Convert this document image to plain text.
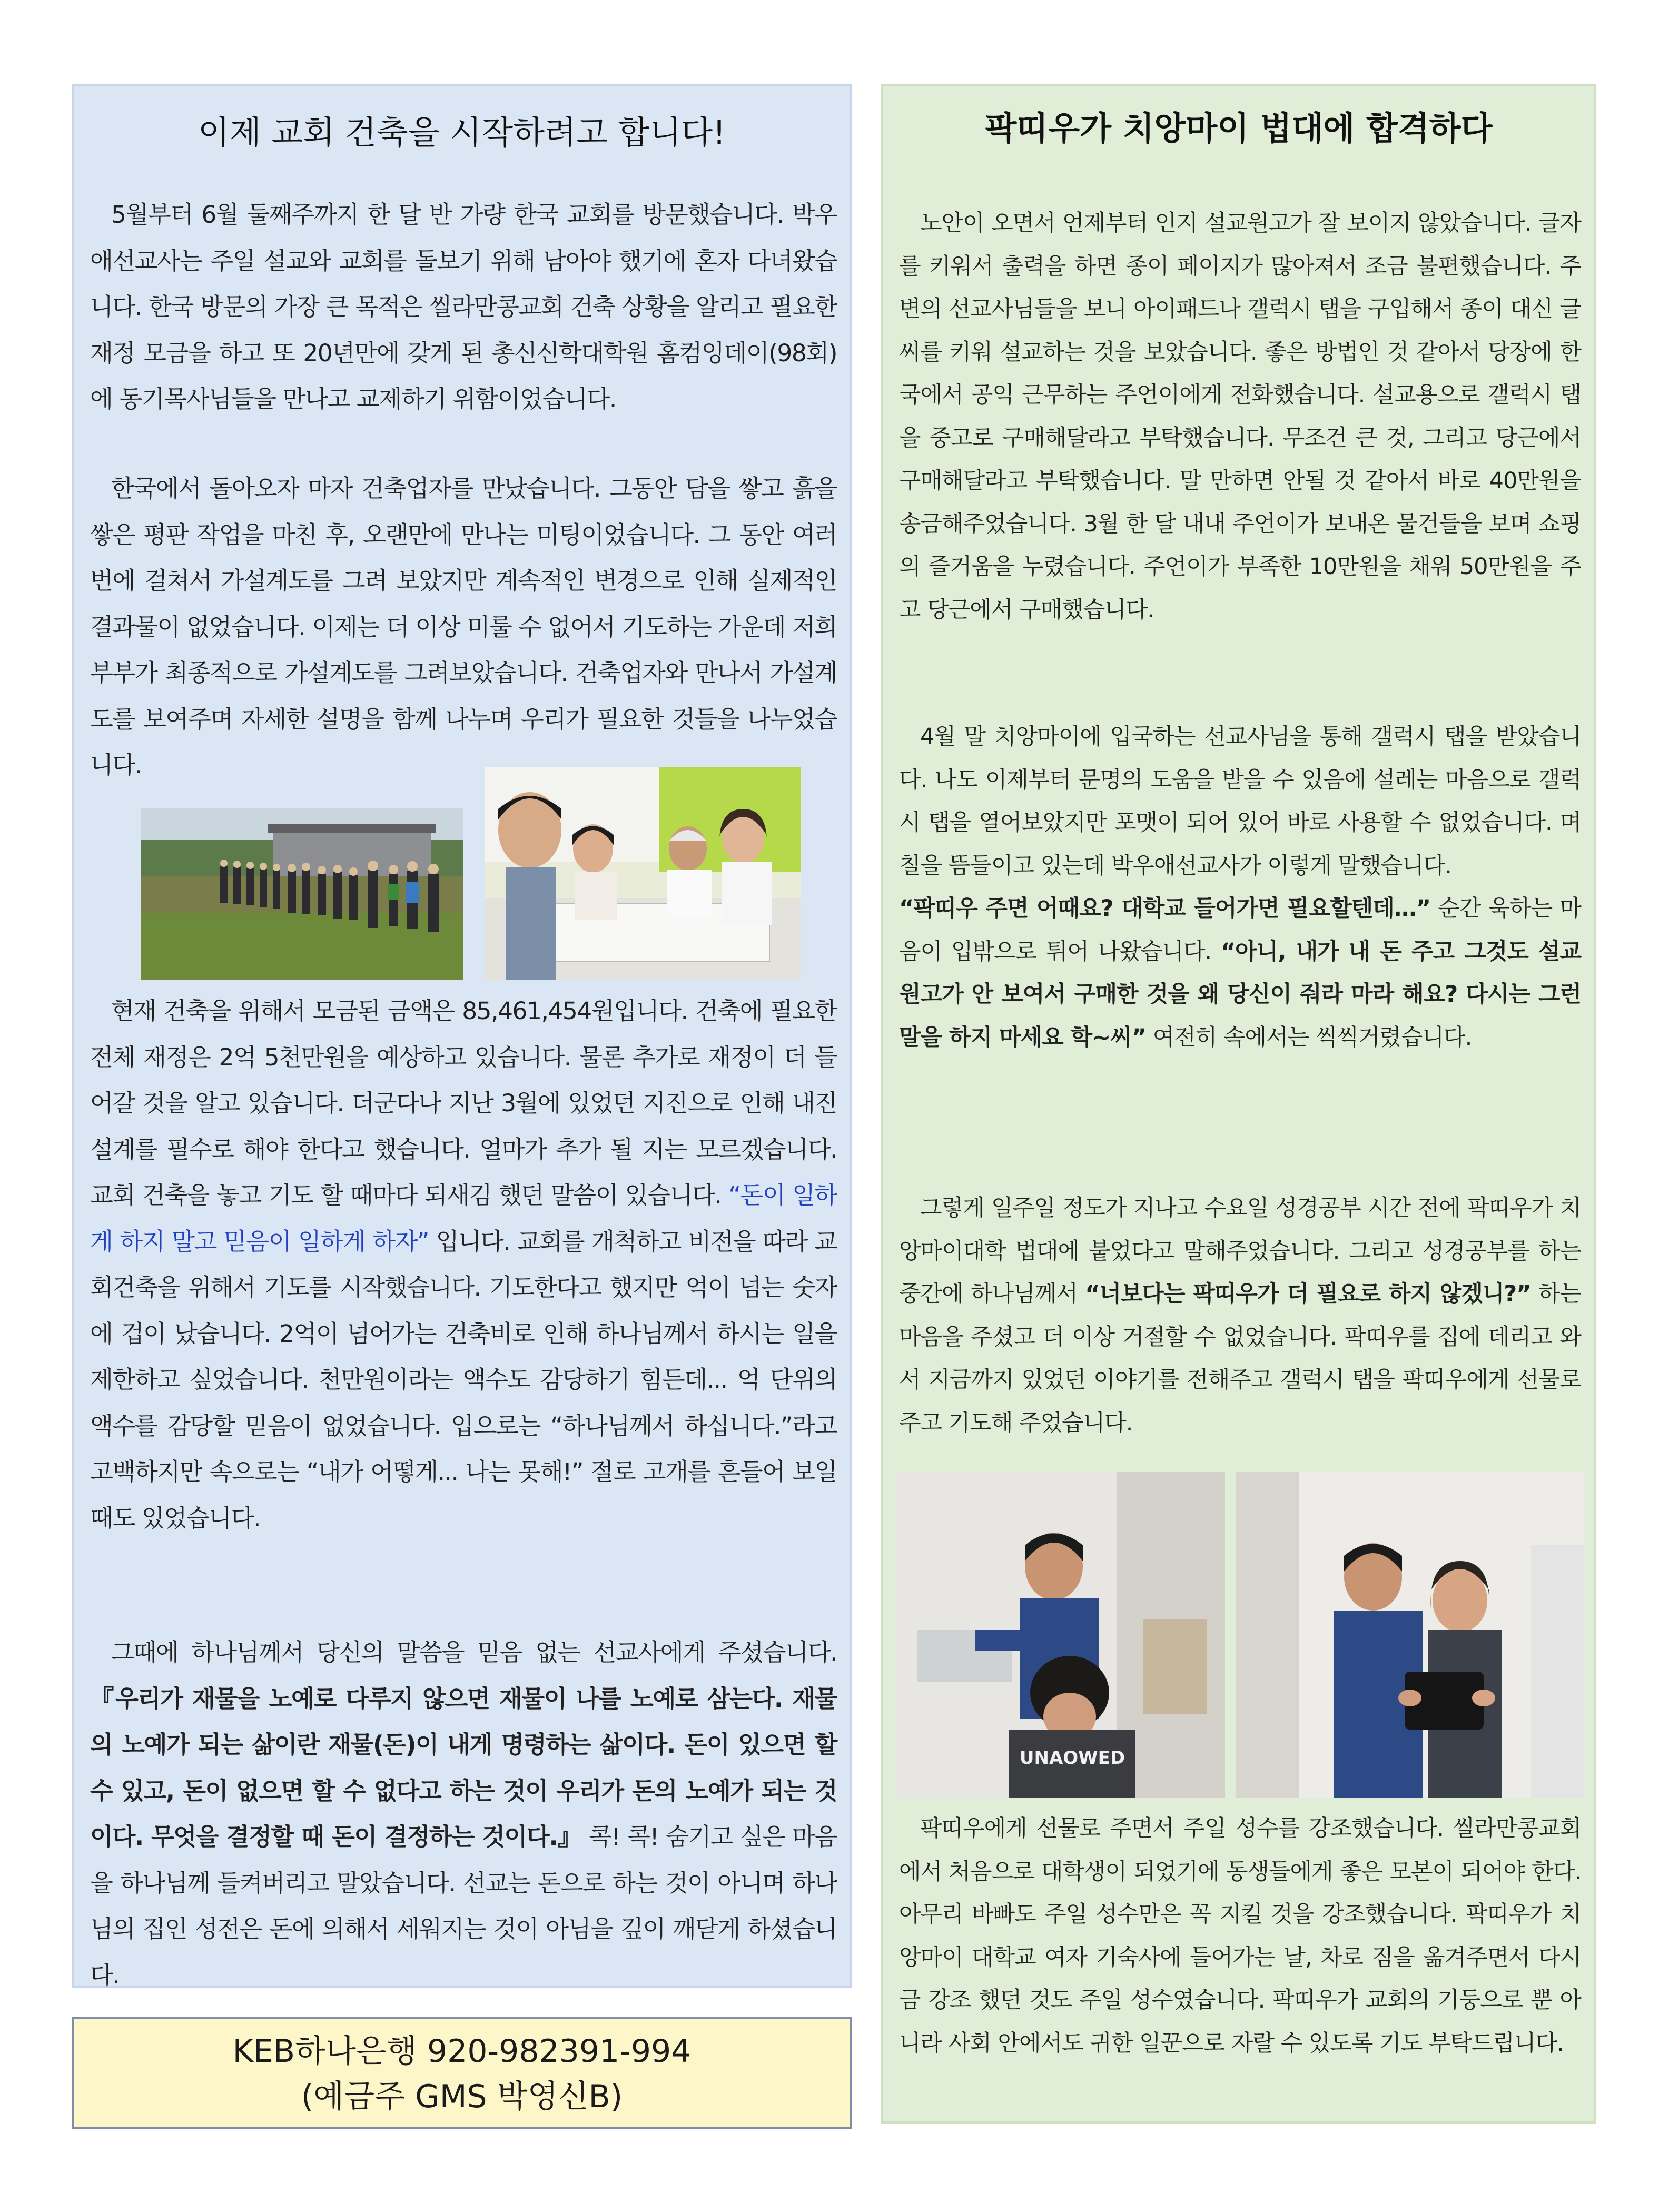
이제 교회 건축을 시작하려고 합니다!

5월부터 6월 둘째주까지 한 달 반 가량 한국 교회를 방문했습니다. 박우애선교사는 주일 설교와 교회를 돌보기 위해 남아야 했기에 혼자 다녀왔습니다. 한국 방문의 가장 큰 목적은 씰라만콩교회 건축 상황을 알리고 필요한 재정 모금을 하고 또 20년만에 갖게 된 총신신학대학원 홈컴잉데이(98회)에 동기목사님들을 만나고 교제하기 위함이었습니다.

한국에서 돌아오자 마자 건축업자를 만났습니다. 그동안 담을 쌓고 흙을 쌓은 평판 작업을 마친 후, 오랜만에 만나는 미팅이었습니다. 그 동안 여러 번에 걸쳐서 가설계도를 그려 보았지만 계속적인 변경으로 인해 실제적인 결과물이 없었습니다. 이제는 더 이상 미룰 수 없어서 기도하는 가운데 저희 부부가 최종적으로 가설계도를 그려보았습니다. 건축업자와 만나서 가설계도를 보여주며 자세한 설명을 함께 나누며 우리가 필요한 것들을 나누었습니다.

현재 건축을 위해서 모금된 금액은 85,461,454원입니다. 건축에 필요한 전체 재정은 2억 5천만원을 예상하고 있습니다. 물론 추가로 재정이 더 들어갈 것을 알고 있습니다. 더군다나 지난 3월에 있었던 지진으로 인해 내진설계를 필수로 해야 한다고 했습니다. 얼마가 추가 될 지는 모르겠습니다. 교회 건축을 놓고 기도 할 때마다 되새김 했던 말씀이 있습니다. “돈이 일하게 하지 말고 믿음이 일하게 하자” 입니다. 교회를 개척하고 비전을 따라 교회건축을 위해서 기도를 시작했습니다. 기도한다고 했지만 억이 넘는 숫자에 겁이 났습니다. 2억이 넘어가는 건축비로 인해 하나님께서 하시는 일을 제한하고 싶었습니다. 천만원이라는 액수도 감당하기 힘든데... 억 단위의 액수를 감당할 믿음이 없었습니다. 입으로는 “하나님께서 하십니다.”라고 고백하지만 속으로는 “내가 어떻게... 나는 못해!” 절로 고개를 흔들어 보일 때도 있었습니다.

그때에 하나님께서 당신의 말씀을 믿음 없는 선교사에게 주셨습니다. 『우리가 재물을 노예로 다루지 않으면 재물이 나를 노예로 삼는다. 재물의 노예가 되는 삶이란 재물(돈)이 내게 명령하는 삶이다. 돈이 있으면 할 수 있고, 돈이 없으면 할 수 없다고 하는 것이 우리가 돈의 노예가 되는 것이다. 무엇을 결정할 때 돈이 결정하는 것이다.』 콕! 콕! 숨기고 싶은 마음을 하나님께 들켜버리고 말았습니다. 선교는 돈으로 하는 것이 아니며 하나님의 집인 성전은 돈에 의해서 세워지는 것이 아님을 깊이 깨닫게 하셨습니다.

KEB하나은행 920-982391-994
(예금주 GMS 박영신B)
팍띠우가 치앙마이 법대에 합격하다

노안이 오면서 언제부터 인지 설교원고가 잘 보이지 않았습니다. 글자를 키워서 출력을 하면 종이 페이지가 많아져서 조금 불편했습니다. 주변의 선교사님들을 보니 아이패드나 갤럭시 탭을 구입해서 종이 대신 글씨를 키워 설교하는 것을 보았습니다. 좋은 방법인 것 같아서 당장에 한국에서 공익 근무하는 주언이에게 전화했습니다. 설교용으로 갤럭시 탭을 중고로 구매해달라고 부탁했습니다. 무조건 큰 것, 그리고 당근에서 구매해달라고 부탁했습니다. 말 만하면 안될 것 같아서 바로 40만원을 송금해주었습니다. 3월 한 달 내내 주언이가 보내온 물건들을 보며 쇼핑의 즐거움을 누렸습니다. 주언이가 부족한 10만원을 채워 50만원을 주고 당근에서 구매했습니다.

4월 말 치앙마이에 입국하는 선교사님을 통해 갤럭시 탭을 받았습니다. 나도 이제부터 문명의 도움을 받을 수 있음에 설레는 마음으로 갤럭시 탭을 열어보았지만 포맷이 되어 있어 바로 사용할 수 없었습니다. 며칠을 뜸들이고 있는데 박우애선교사가 이렇게 말했습니다.
“팍띠우 주면 어때요? 대학교 들어가면 필요할텐데…” 순간 욱하는 마음이 입밖으로 튀어 나왔습니다. “아니, 내가 내 돈 주고 그것도 설교 원고가 안 보여서 구매한 것을 왜 당신이 줘라 마라 해요? 다시는 그런 말을 하지 마세요 학~씨” 여전히 속에서는 씩씩거렸습니다.

그렇게 일주일 정도가 지나고 수요일 성경공부 시간 전에 팍띠우가 치앙마이대학 법대에 붙었다고 말해주었습니다. 그리고 성경공부를 하는 중간에 하나님께서 “너보다는 팍띠우가 더 필요로 하지 않겠니?” 하는 마음을 주셨고 더 이상 거절할 수 없었습니다. 팍띠우를 집에 데리고 와서 지금까지 있었던 이야기를 전해주고 갤럭시 탭을 팍띠우에게 선물로 주고 기도해 주었습니다.

UNAOWED

팍띠우에게 선물로 주면서 주일 성수를 강조했습니다. 씰라만콩교회에서 처음으로 대학생이 되었기에 동생들에게 좋은 모본이 되어야 한다. 아무리 바빠도 주일 성수만은 꼭 지킬 것을 강조했습니다. 팍띠우가 치앙마이 대학교 여자 기숙사에 들어가는 날, 차로 짐을 옮겨주면서 다시금 강조 했던 것도 주일 성수였습니다. 팍띠우가 교회의 기둥으로 뿐 아니라 사회 안에서도 귀한 일꾼으로 자랄 수 있도록 기도 부탁드립니다.
